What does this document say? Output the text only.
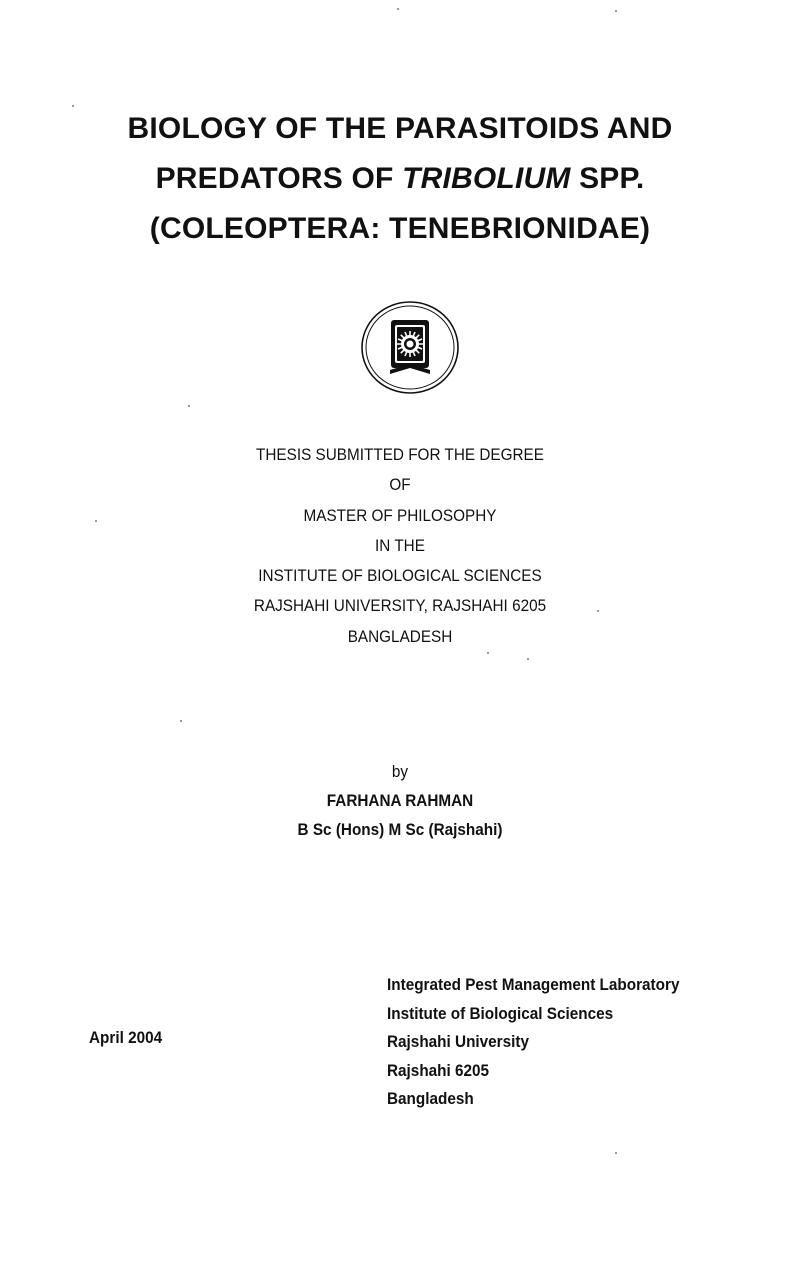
BIOLOGY OF THE PARASITOIDS AND
PREDATORS OF TRIBOLIUM SPP.
(COLEOPTERA: TENEBRIONIDAE)
THESIS SUBMITTED FOR THE DEGREE
OF
MASTER OF PHILOSOPHY
IN THE
INSTITUTE OF BIOLOGICAL SCIENCES
RAJSHAHI UNIVERSITY, RAJSHAHI 6205
BANGLADESH
by
FARHANA RAHMAN
B Sc (Hons) M Sc (Rajshahi)
April 2004
Integrated Pest Management Laboratory
Institute of Biological Sciences
Rajshahi University
Rajshahi 6205
Bangladesh
